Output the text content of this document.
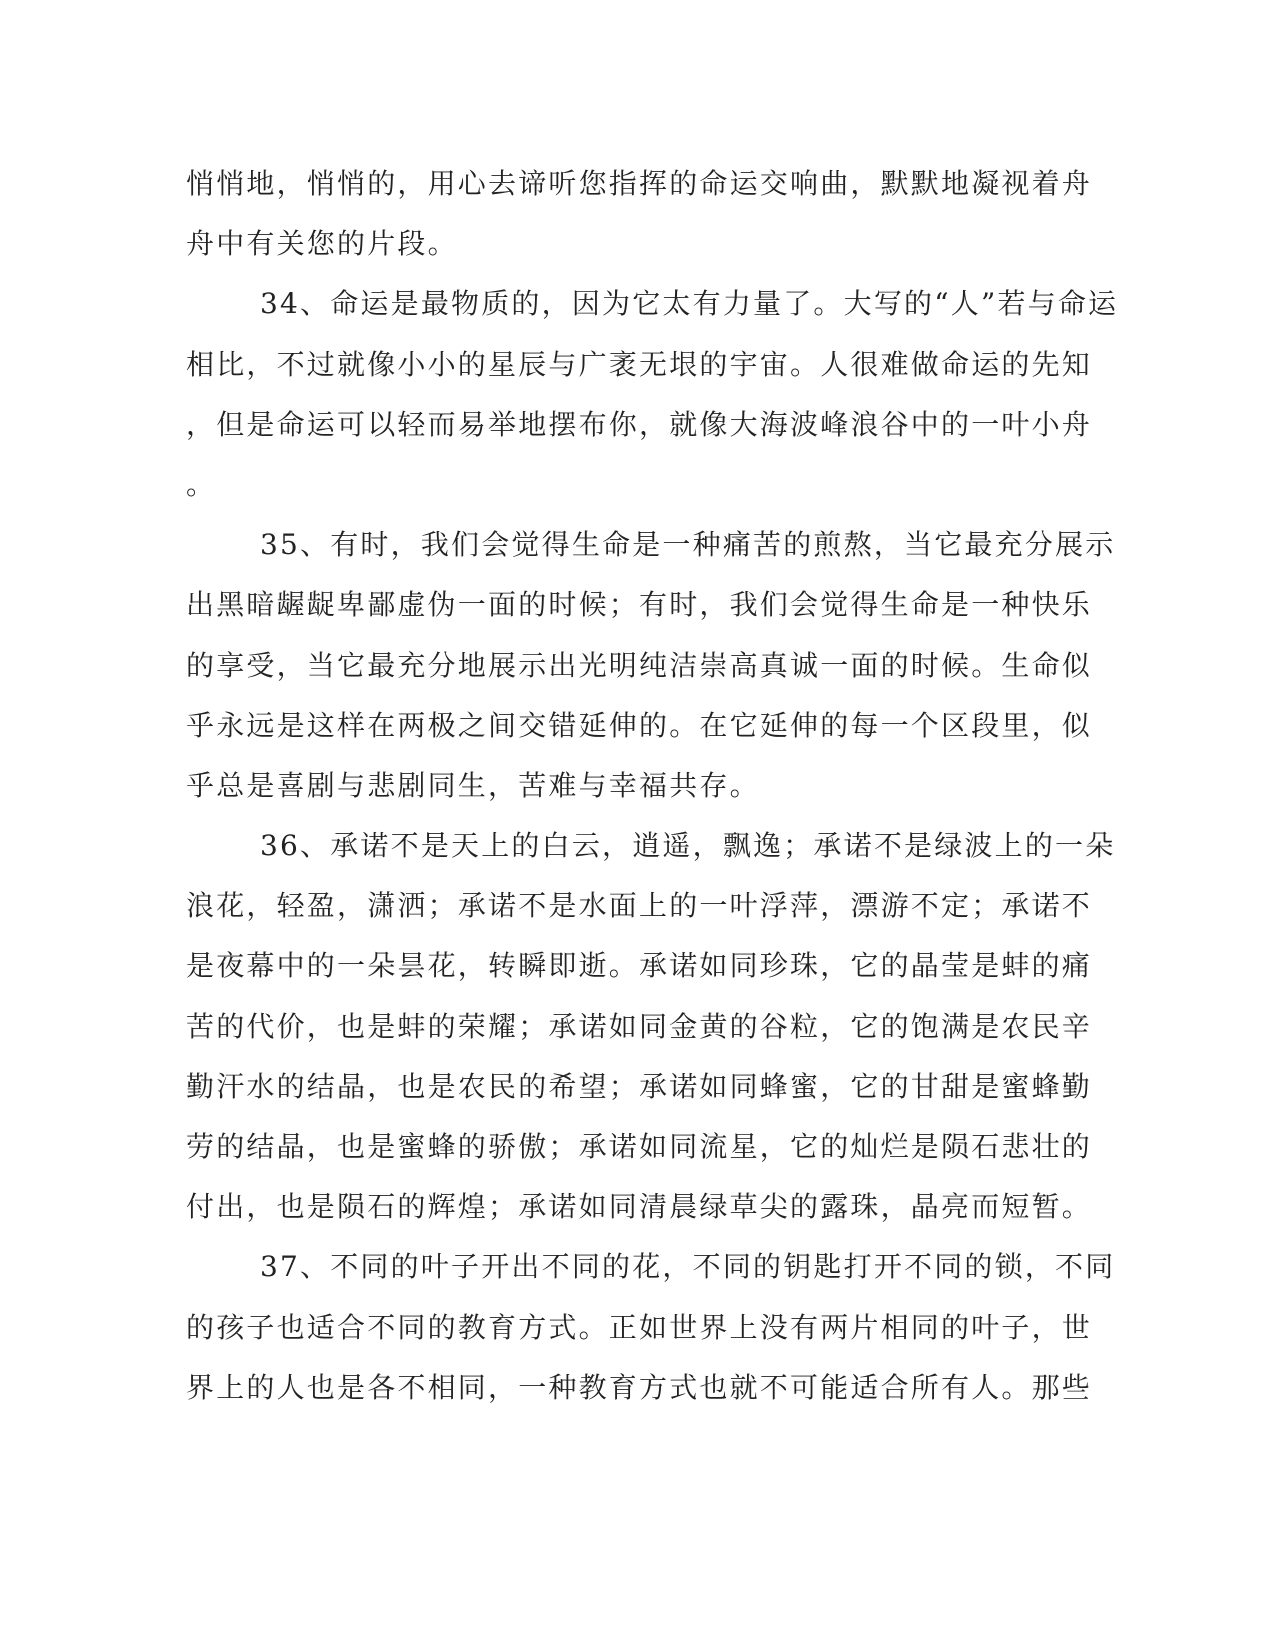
悄悄地，悄悄的，用心去谛听您指挥的命运交响曲，默默地凝视着舟
舟中有关您的片段。
34、命运是最物质的，因为它太有力量了。大写的“人”若与命运
相比，不过就像小小的星辰与广袤无垠的宇宙。人很难做命运的先知
，但是命运可以轻而易举地摆布你，就像大海波峰浪谷中的一叶小舟
。
35、有时，我们会觉得生命是一种痛苦的煎熬，当它最充分展示
出黑暗龌龊卑鄙虚伪一面的时候；有时，我们会觉得生命是一种快乐
的享受，当它最充分地展示出光明纯洁崇高真诚一面的时候。生命似
乎永远是这样在两极之间交错延伸的。在它延伸的每一个区段里，似
乎总是喜剧与悲剧同生，苦难与幸福共存。
36、承诺不是天上的白云，逍遥，飘逸；承诺不是绿波上的一朵
浪花，轻盈，潇洒；承诺不是水面上的一叶浮萍，漂游不定；承诺不
是夜幕中的一朵昙花，转瞬即逝。承诺如同珍珠，它的晶莹是蚌的痛
苦的代价，也是蚌的荣耀；承诺如同金黄的谷粒，它的饱满是农民辛
勤汗水的结晶，也是农民的希望；承诺如同蜂蜜，它的甘甜是蜜蜂勤
劳的结晶，也是蜜蜂的骄傲；承诺如同流星，它的灿烂是陨石悲壮的
付出，也是陨石的辉煌；承诺如同清晨绿草尖的露珠，晶亮而短暂。
37、不同的叶子开出不同的花，不同的钥匙打开不同的锁，不同
的孩子也适合不同的教育方式。正如世界上没有两片相同的叶子，世
界上的人也是各不相同，一种教育方式也就不可能适合所有人。那些
